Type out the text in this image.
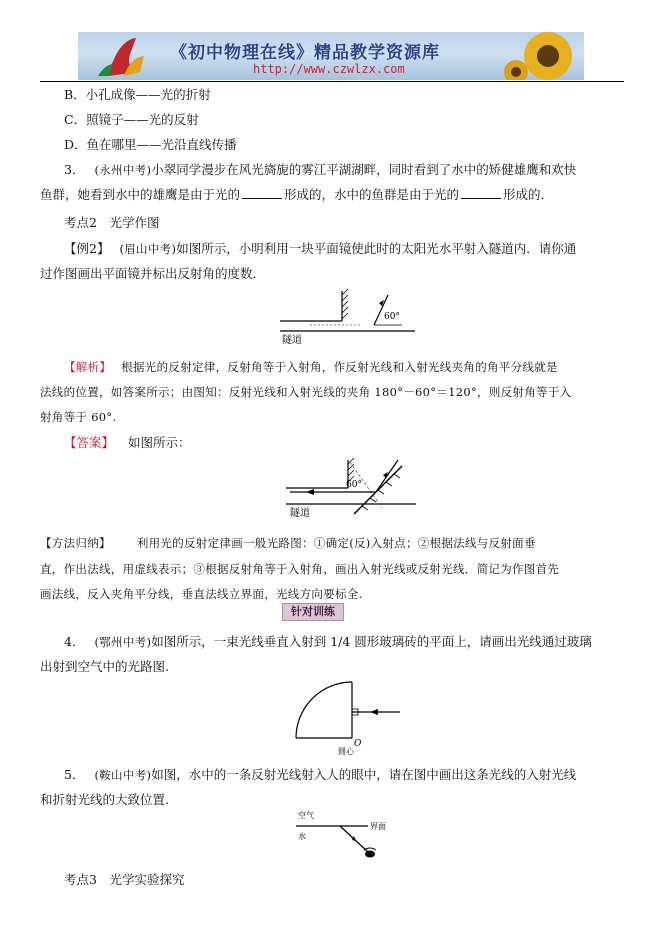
《初中物理在线》精品教学资源库
http://www.czwlzx.com
B．小孔成像——光的折射
C．照镜子——光的反射
D．鱼在哪里——光沿直线传播
3． (永州中考)小翠同学漫步在风光旖旎的雾江平湖湖畔，同时看到了水中的矫健雄鹰和欢快
鱼群，她看到水中的雄鹰是由于光的	形成的，水中的鱼群是由于光的	形成的．
考点2　光学作图
【例2】 (眉山中考)如图所示，小明利用一块平面镜使此时的太阳光水平射入隧道内．请你通
过作图画出平面镜并标出反射角的度数．
60°
隧道
【解析】 根据光的反射定律，反射角等于入射角，作反射光线和入射光线夹角的角平分线就是
法线的位置，如答案所示；由图知：反射光线和入射光线的夹角 180°－60°＝120°，则反射角等于入
射角等于 60°.
【答案】 如图所示：
60°
隧道
【方法归纳】 利用光的反射定律画一般光路图：①确定(反)入射点；②根据法线与反射面垂
直，作出法线，用虚线表示；③根据反射角等于入射角，画出入射光线或反射光线．简记为作图首先
画法线，反入夹角平分线，垂直法线立界面，光线方向要标全.
针对训练
4． (鄂州中考)如图所示，一束光线垂直入射到 1/4 圆形玻璃砖的平面上，请画出光线通过玻璃
出射到空气中的光路图.
O
圆心
5． (鞍山中考)如图，水中的一条反射光线射入人的眼中，请在图中画出这条光线的入射光线
和折射光线的大致位置.
空气
水
界面
考点3　光学实验探究
